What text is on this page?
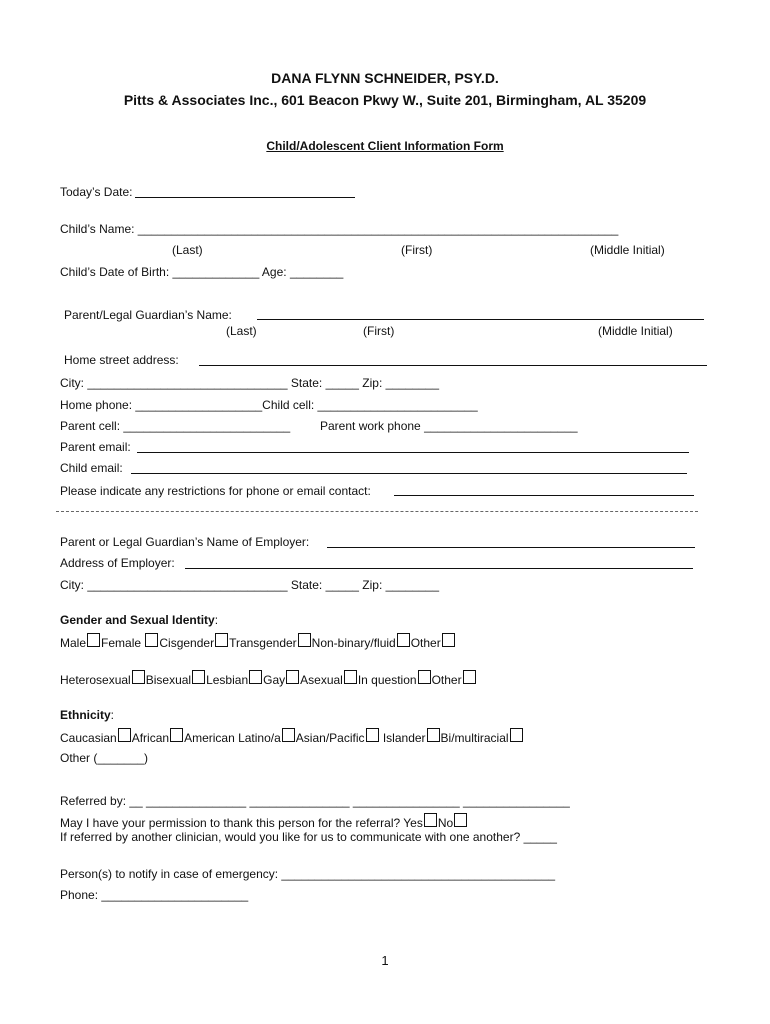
DANA FLYNN SCHNEIDER, PSY.D.
Pitts & Associates Inc., 601 Beacon Pkwy W., Suite 201, Birmingham, AL 35209
Child/Adolescent Client Information Form
Today’s Date:
Child’s Name: ________________________________________________________________________
(Last)	(First)	(Middle Initial)
Child’s Date of Birth: _____________ Age: ________
Parent/Legal Guardian’s Name:
(Last)	(First)	(Middle Initial)
Home street address:
City: ______________________________ State: _____ Zip: ________
Home phone: ___________________Child cell: ________________________
Parent cell: _________________________ Parent work phone _______________________
Parent email:
Child email:
Please indicate any restrictions for phone or email contact:
Parent or Legal Guardian’s Name of Employer:
Address of Employer:
City: ______________________________ State: _____ Zip: ________
Gender and Sexual Identity:
Male Female Cisgender Transgender Non-binary/fluid Other
Heterosexual Bisexual Lesbian Gay Asexual In question Other
Ethnicity:
Caucasian African American Latino/a Asian/Pacific Islander Bi/multiracial
Other (_______)
Referred by: __ _______________ _______________ ________________ ________________
May I have your permission to thank this person for the referral? Yes No
If referred by another clinician, would you like for us to communicate with one another? _____
Person(s) to notify in case of emergency: _________________________________________
Phone: ______________________
1
